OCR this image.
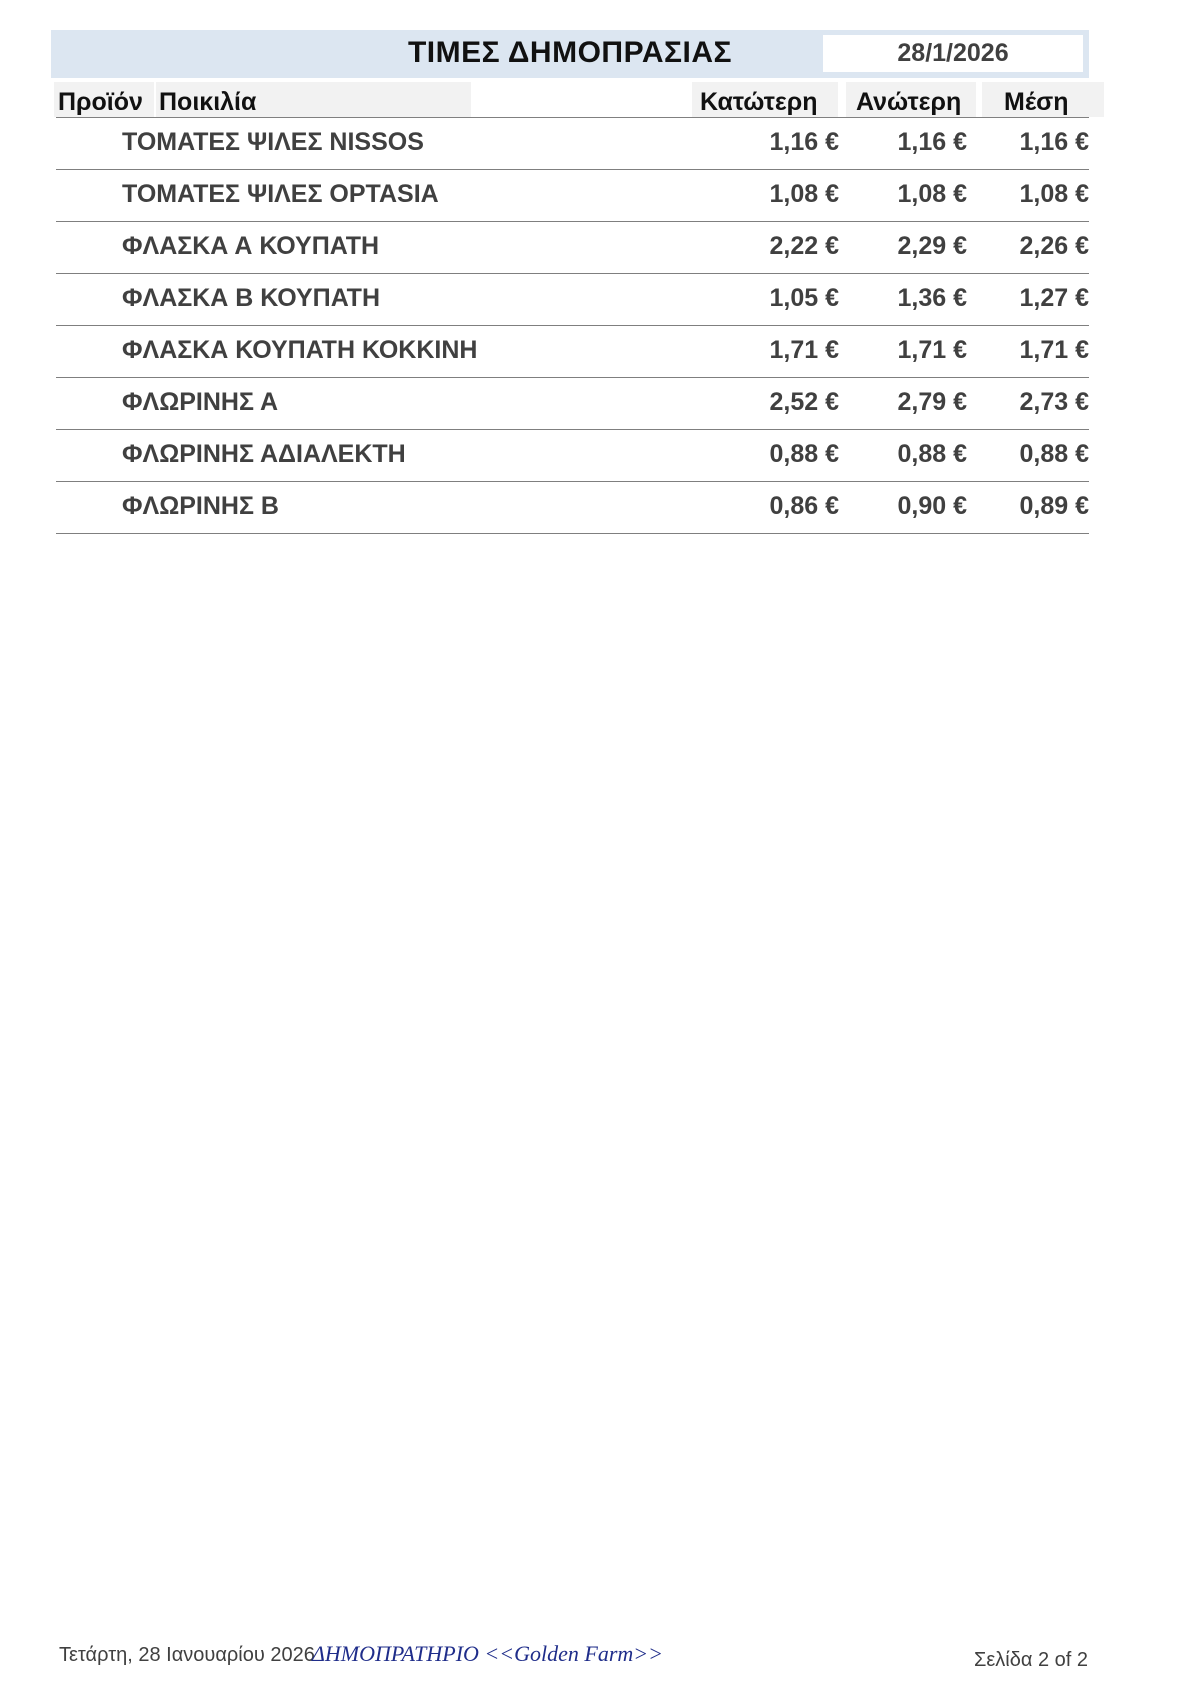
ΤΙΜΕΣ ΔΗΜΟΠΡΑΣΙΑΣ	28/1/2026
Προϊόν Ποικιλία	Κατώτερη	Ανώτερη	Μέση
ΤΟΜΑΤΕΣ ΨΙΛΕΣ NISSOS	1,16 € 1,16 € 1,16 €
ΤΟΜΑΤΕΣ ΨΙΛΕΣ OPTASIA	1,08 € 1,08 € 1,08 €
ΦΛΑΣΚΑ Α ΚΟΥΠΑΤΗ	2,22 € 2,29 € 2,26 €
ΦΛΑΣΚΑ Β ΚΟΥΠΑΤΗ	1,05 € 1,36 € 1,27 €
ΦΛΑΣΚΑ ΚΟΥΠΑΤΗ ΚΟΚΚΙΝΗ	1,71 € 1,71 € 1,71 €
ΦΛΩΡΙΝΗΣ Α	2,52 € 2,79 € 2,73 €
ΦΛΩΡΙΝΗΣ ΑΔΙΑΛΕΚΤΗ	0,88 € 0,88 € 0,88 €
ΦΛΩΡΙΝΗΣ Β	0,86 € 0,90 € 0,89 €
Τετάρτη, 28 Ιανουαρίου 2026
ΔΗΜΟΠΡΑΤΗΡΙΟ <<Golden Farm>>	Σελίδα 2 of 2
